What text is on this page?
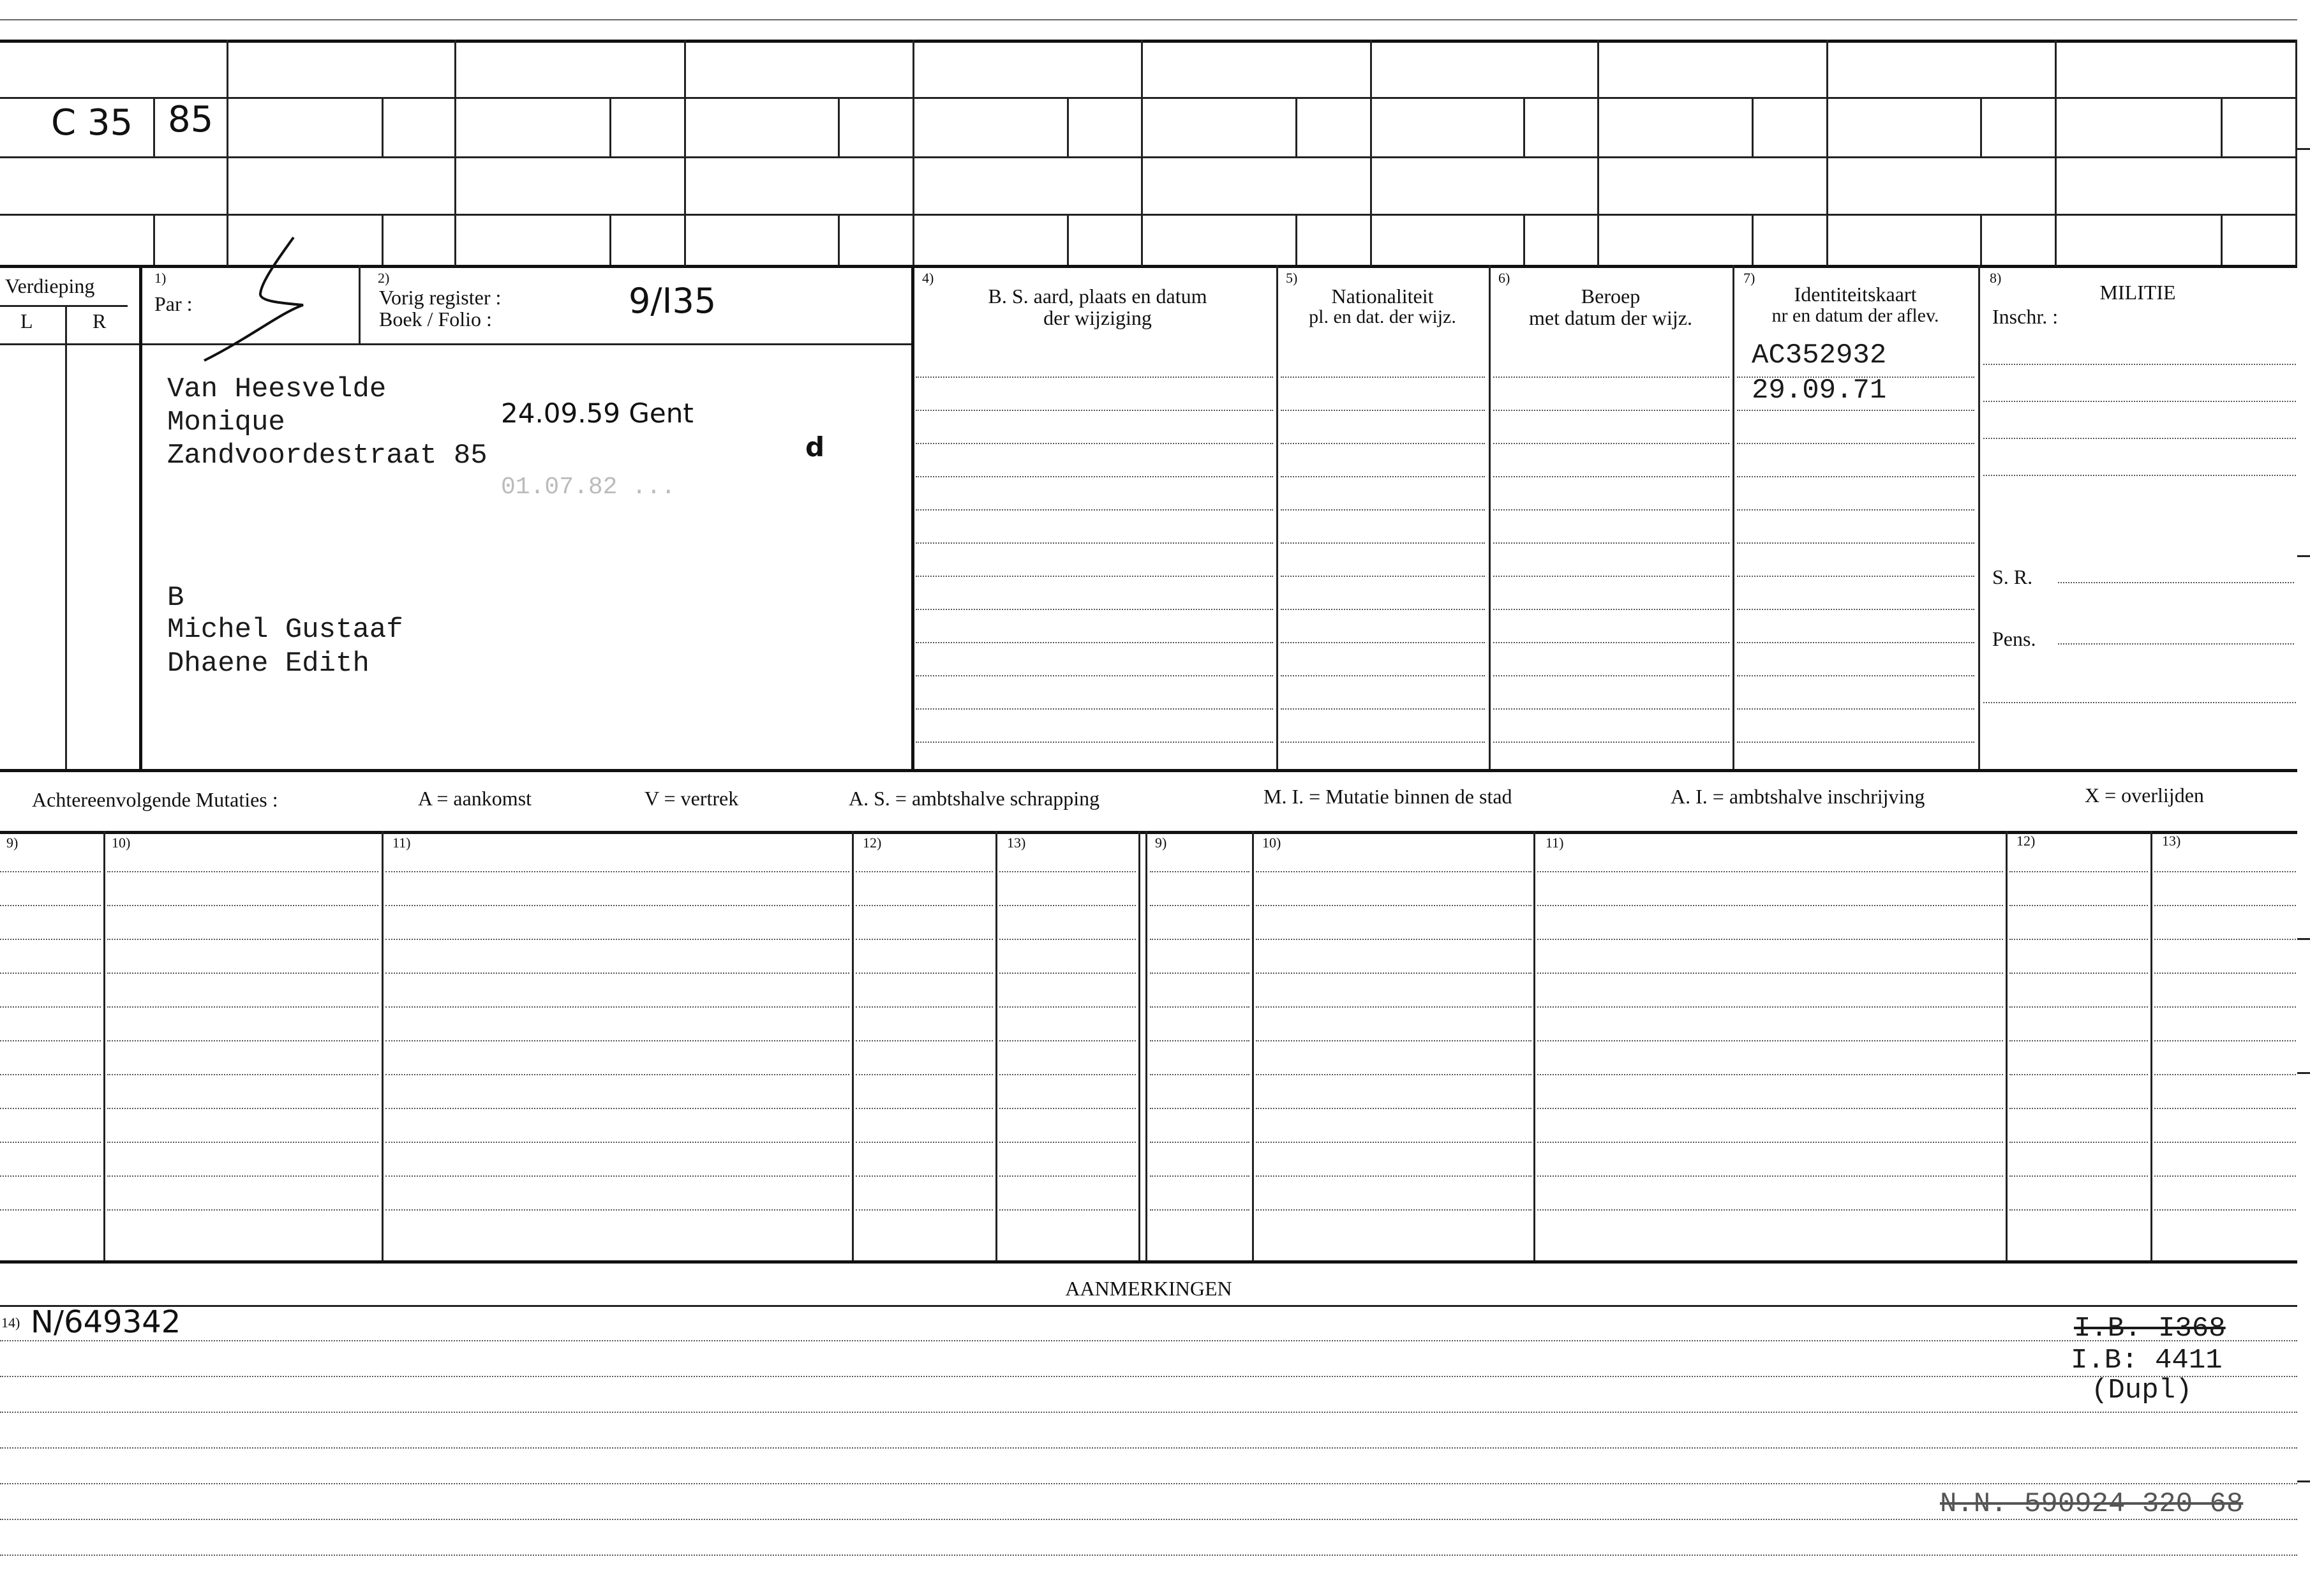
C 35 85
Verdieping
L	R
1)
Par :
2)
Vorig register :
Boek / Folio :	9/I35
4)
B. S. aard, plaats en datum
der wijziging
5)
Nationaliteit
pl. en dat. der wijz.
6)
Beroep
met datum der wijz.
7)
Identiteitskaart
nr en datum der aflev.
8)
MILITIE
Inschr. :
S. R.
Pens.
Van Heesvelde
Monique
Zandvoordestraat 85
24.09.59 Gent
01.07.82 ...
d
B
Michel Gustaaf
Dhaene Edith
AC352932
29.09.71
Achtereenvolgende Mutaties :	A = aankomst	V = vertrek	A. S. = ambtshalve schrapping	M. I. = Mutatie binnen de stad	A. I. = ambtshalve inschrijving	X = overlijden
9)	10)	11)	12)	13)	9)	10)	11)	12)	13)
AANMERKINGEN
14) N/649342	I.B. I368
I.B: 4411
(Dupl)
N.N. 590924 320 68
